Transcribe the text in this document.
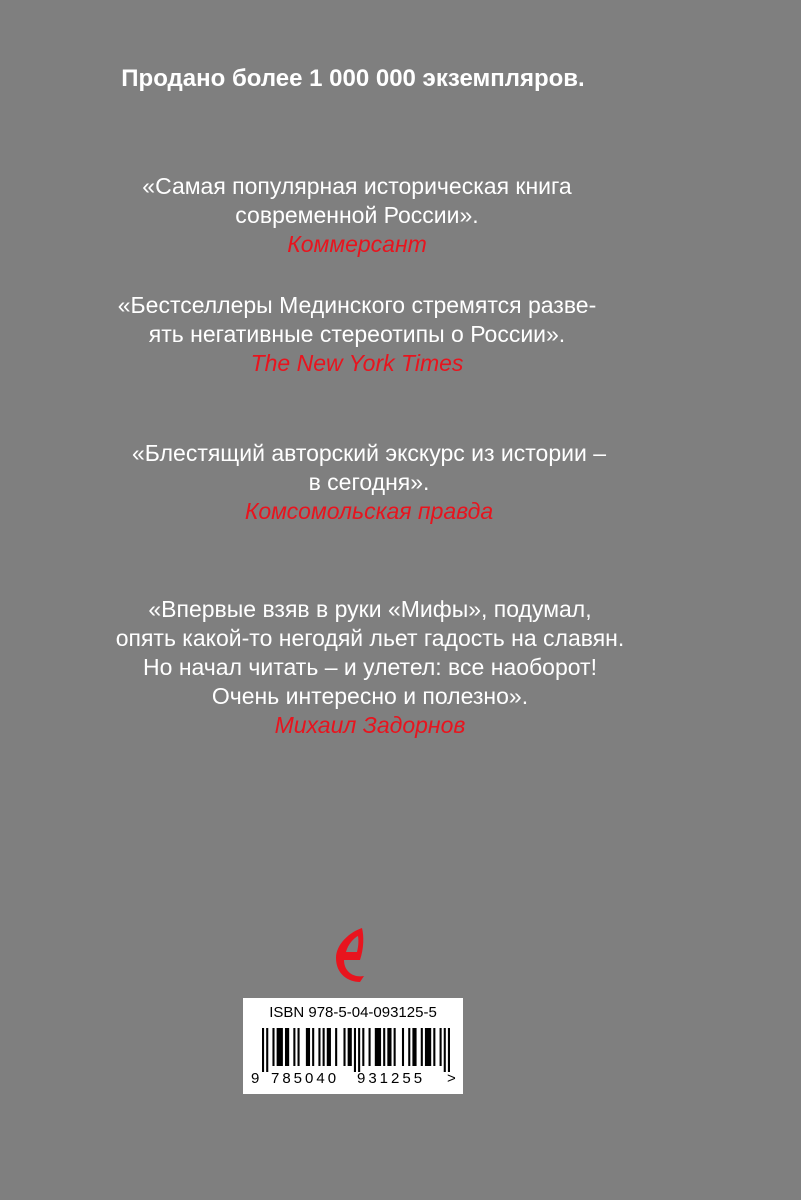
Продано более 1 000 000 экземпляров.
«Самая популярная историческая книга
современной России».
Коммерсант
«Бестселлеры Мединского стремятся разве-
ять негативные стереотипы о России».
The New York Times
«Блестящий авторский экскурс из истории –
в сегодня».
Комсомольская правда
«Впервые взяв в руки «Мифы», подумал,
опять какой-то негодяй льет гадость на славян.
Но начал читать – и улетел: все наоборот!
Очень интересно и полезно».
Михаил Задорнов
ISBN 978-5-04-093125-5
9 785040 931255 >
